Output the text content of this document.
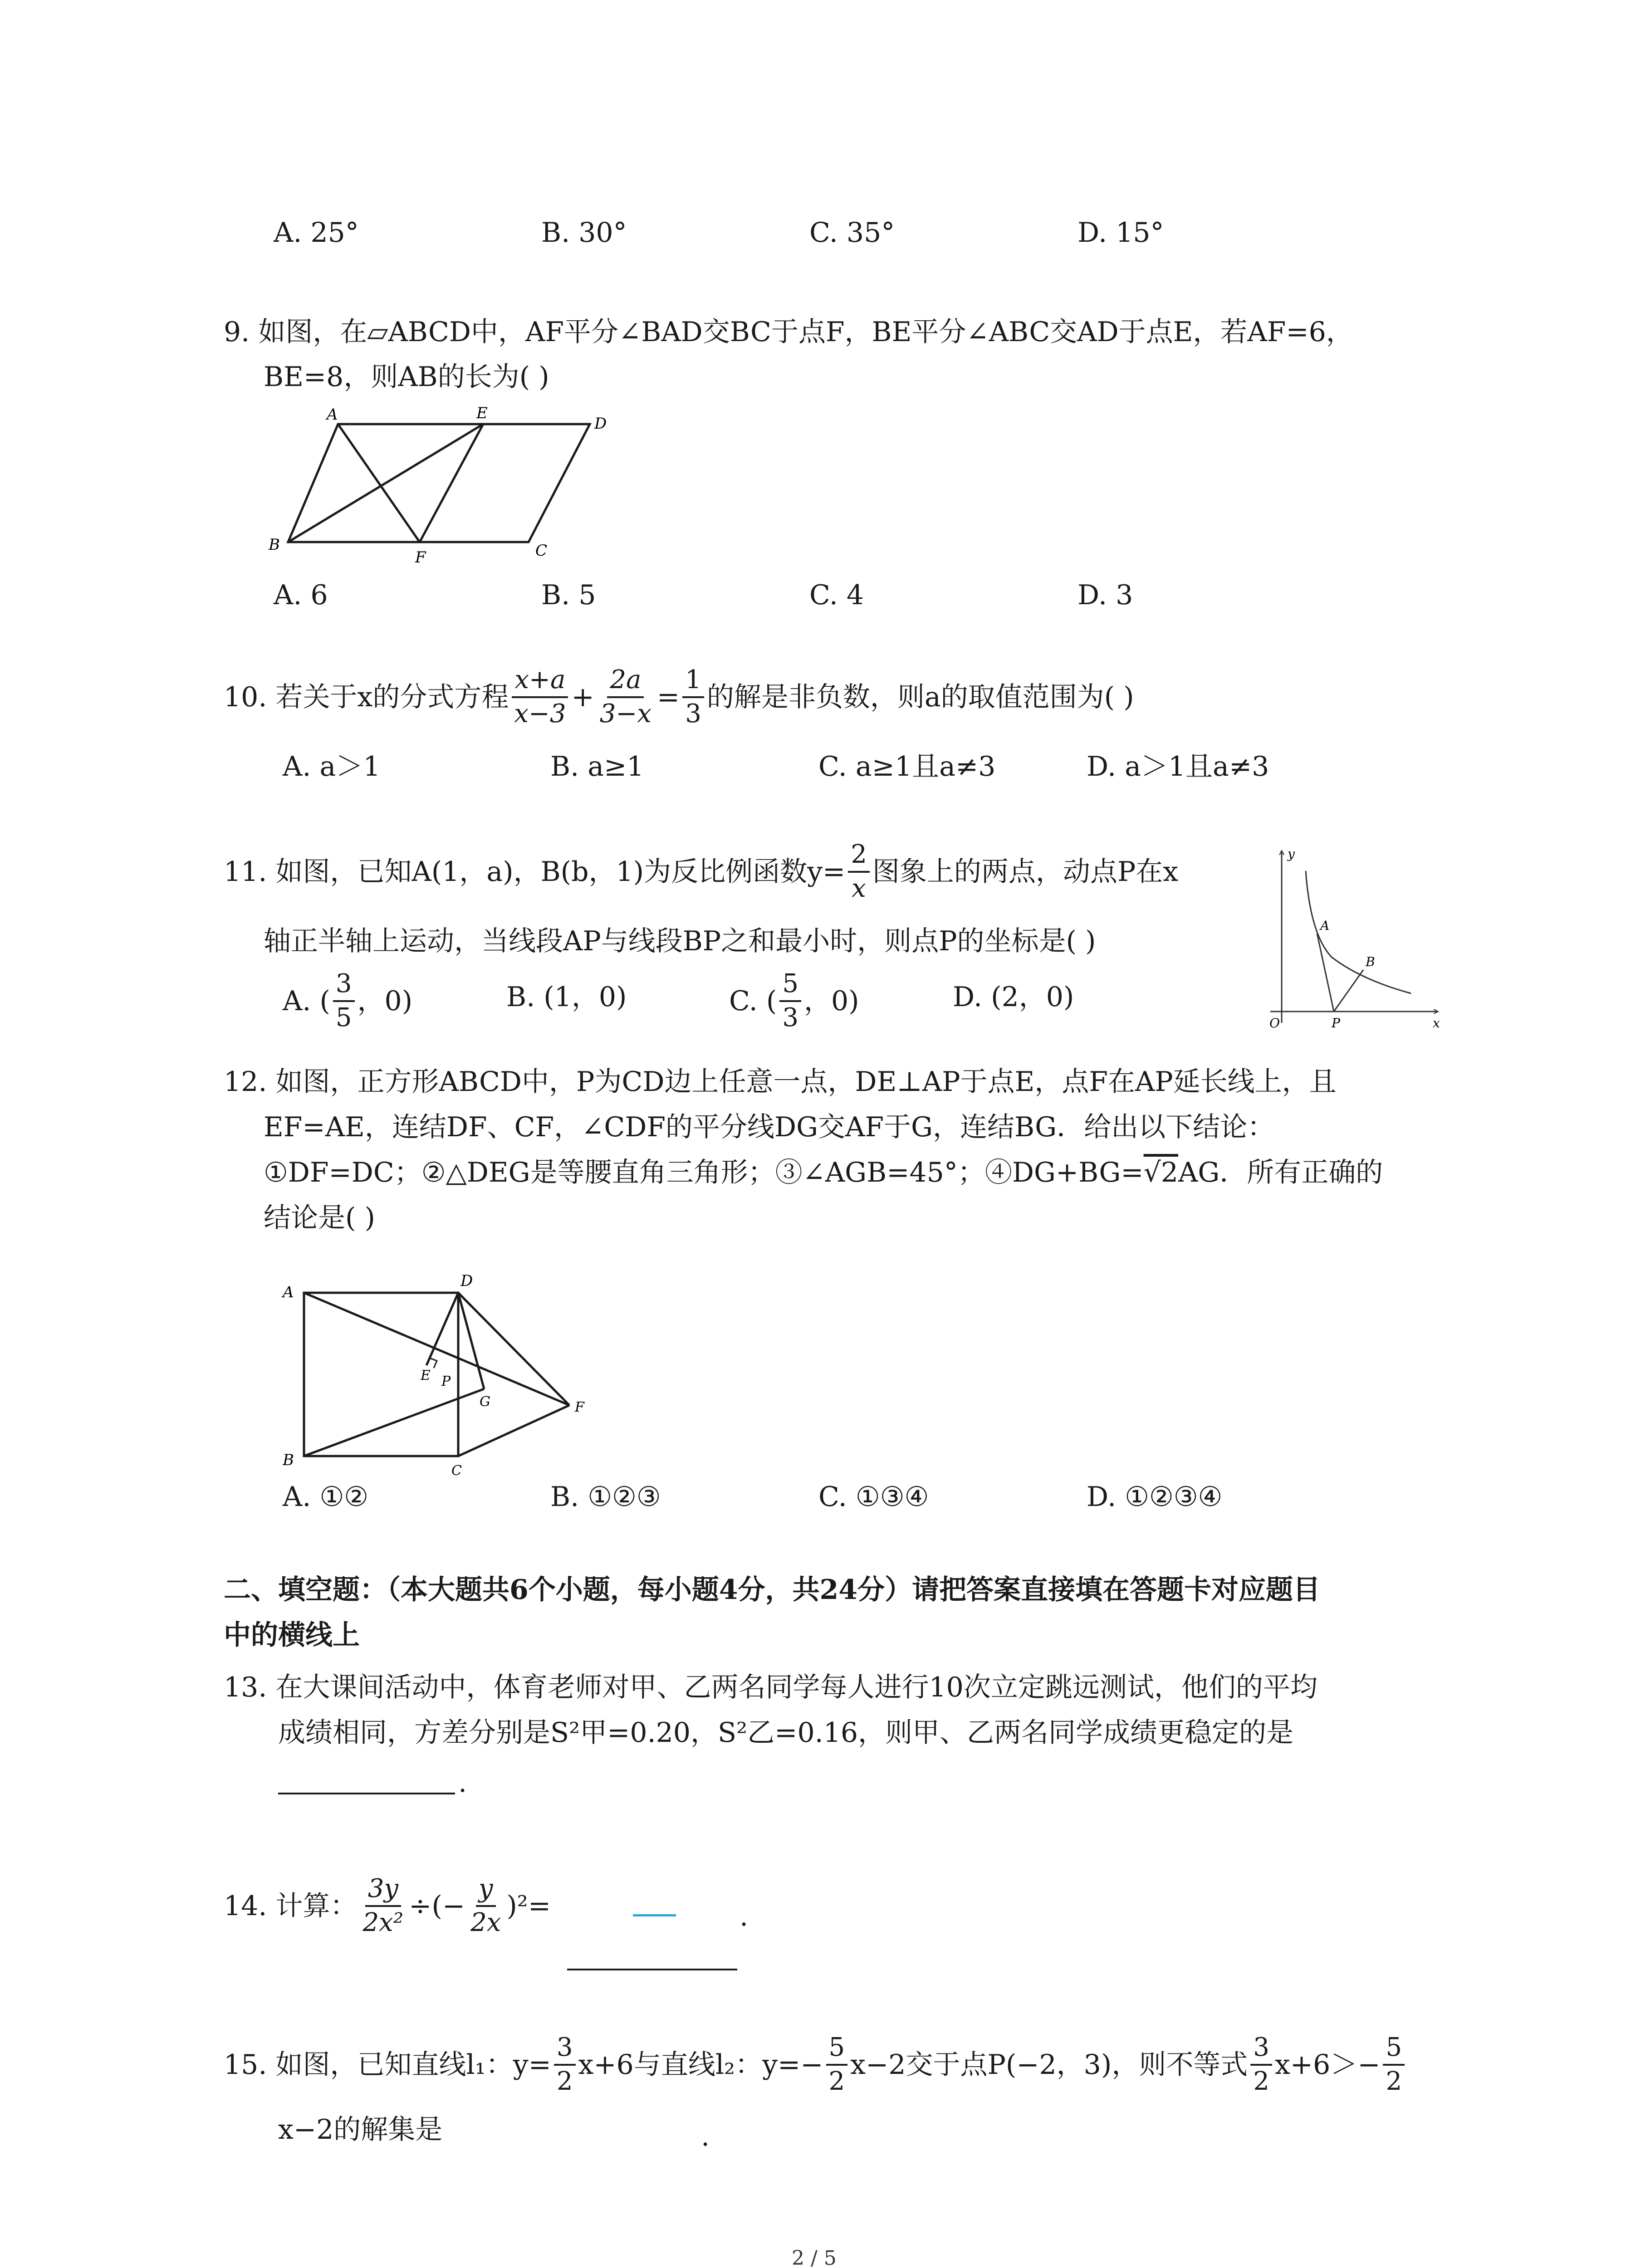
A. 25°	B. 30°	C. 35°	D. 15°
9. 如图，在▱ABCD中，AF平分∠BAD交BC于点F，BE平分∠ABC交AD于点E，若AF=6，
BE=8，则AB的长为( )
A	E
D
B
F	C
A. 6	B. 5	C. 4	D. 3
10. 若关于x的分式方程 $\frac{x+a}{x-3} + \frac{2a}{3-x} = \frac{1}{3}$ 的解是非负数，则a的取值范围为( )
A. a＞1	B. a≥1	C. a≥1且a≠3	D. a＞1且a≠3
11. 如图，已知A(1，a)，B(b，1)为反比例函数$y= \frac{2}{x}$ 图象上的两点，动点P在x
轴正半轴上运动，当线段AP与线段BP之和最小时，则点P的坐标是( )
A. ( $\frac{3}{5}$ ，0)	B. (1，0)	C. ( $\frac{5}{3}$ ，0)	D. (2，0)
y
A
B
O	P	x
12. 如图，正方形ABCD中，P为CD边上任意一点，DE⊥AP于点E，点F在AP延长线上，且
EF=AE，连结DF、CF，∠CDF的平分线DG交AF于G，连结BG．给出以下结论：
①DF=DC；②△DEG是等腰直角三角形；③∠AGB=45°；④DG+BG=√2AG．所有正确的
结论是( )
A
D
E P
G	F
B
C
A. ①②	B. ①②③	C. ①③④	D. ①②③④
二、填空题：（本大题共6个小题，每小题4分，共24分）请把答案直接填在答题卡对应题目
中的横线上
13. 在大课间活动中，体育老师对甲、乙两名同学每人进行10次立定跳远测试，他们的平均
成绩相同，方差分别是S²甲=0.20，S²乙=0.16，则甲、乙两名同学成绩更稳定的是
.
14. 计算： $\frac{3y}{\text{2x²}}$ ÷(− $\frac{y}{2x} )^2=$	.
15. 如图，已知直线l₁：$y= \frac{3}{2} x+6$与直线l₂：$y=- \frac{5}{2} x-2$交于点P(−2，3)，则不等式 $\frac{3}{2} x+6>- \frac{5}{2}$
x−2的解集是	.
2 / 5
